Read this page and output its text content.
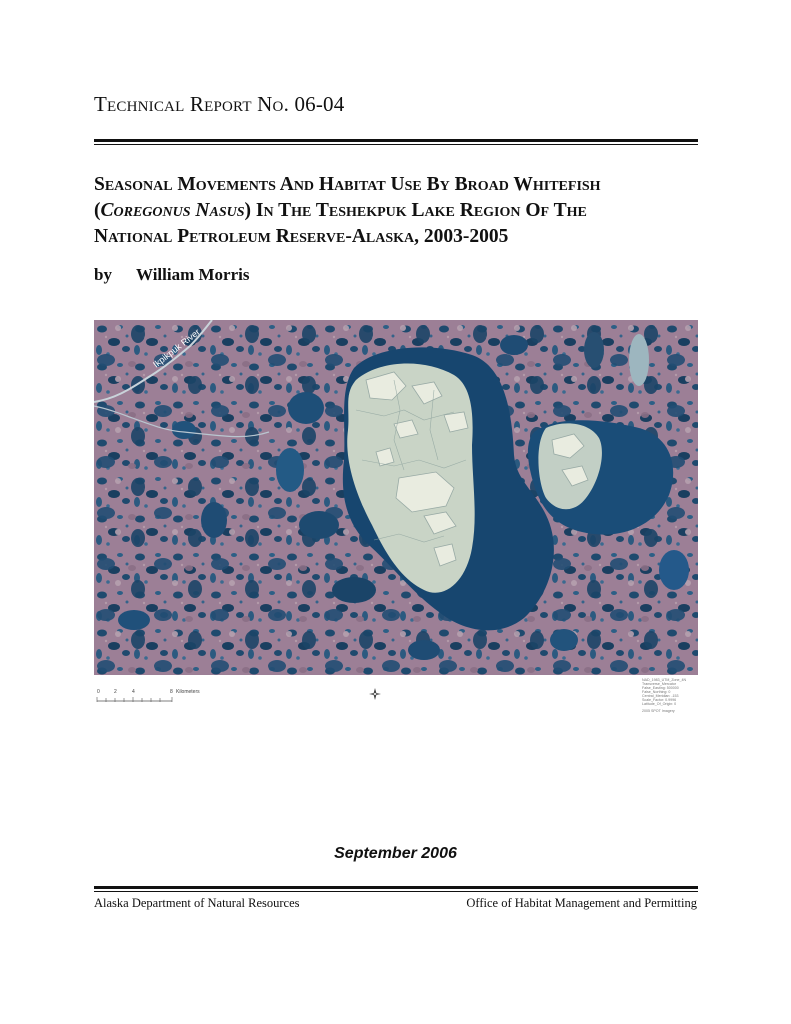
Technical Report No. 06-04
Seasonal Movements And Habitat Use By Broad Whitefish
(Coregonus Nasus) In The Teshekpuk Lake Region Of The
National Petroleum Reserve-Alaska, 2003-2005
by William Morris
Ikpikpuk River
0	2	4	8 Kilometers
NAD_1983_UTM_Zone_4N
Transverse_Mercator
False_Easting: 500000
False_Northing: 0
Central_Meridian: -153
Scale_Factor: 0.9996
Latitude_Of_Origin: 0
2005 SPOT Imagery
September 2006
Alaska Department of Natural Resources	Office of Habitat Management and Permitting
